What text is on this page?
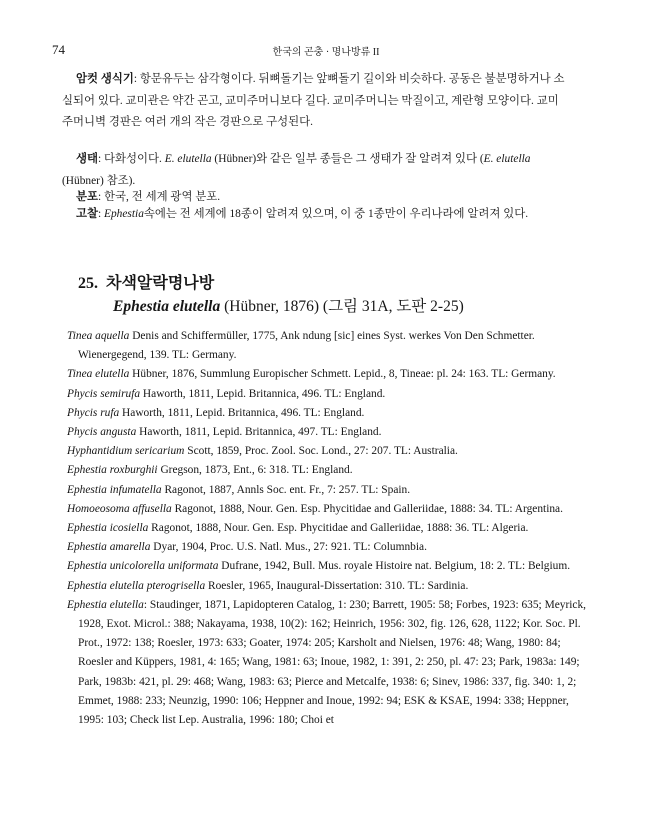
74	한국의 곤충 · 명나방류 II
암컷 생식기: 항문유두는 삼각형이다. 뒤뼈돌기는 앞뼈돌기 길이와 비슷하다. 공동은 불분명하거나 소
실되어 있다. 교미관은 약간 곤고, 교미주머니보다 길다. 교미주머니는 막질이고, 계란형 모양이다. 교미
주머니벽 경판은 여러 개의 작은 경판으로 구성된다.
생태: 다화성이다. E. elutella (Hübner)와 같은 일부 종들은 그 생태가 잘 알려져 있다 (E. elutella
(Hübner) 참조).
분포: 한국, 전 세계 광역 분포.
고찰: Ephestia속에는 전 세계에 18종이 알려져 있으며, 이 중 1종만이 우리나라에 알려져 있다.
25. 차색알락명나방
Ephestia elutella (Hübner, 1876) (그림 31A, 도판 2-25)
Tinea aquella Denis and Schiffermüller, 1775, Ank ndung [sic] eines Syst. werkes Von Den Schmetter. Wienergegend, 139. TL: Germany.
Tinea elutella Hübner, 1876, Summlung Europischer Schmett. Lepid., 8, Tineae: pl. 24: 163. TL: Germany.
Phycis semirufa Haworth, 1811, Lepid. Britannica, 496. TL: England.
Phycis rufa Haworth, 1811, Lepid. Britannica, 496. TL: England.
Phycis angusta Haworth, 1811, Lepid. Britannica, 497. TL: England.
Hyphantidium sericarium Scott, 1859, Proc. Zool. Soc. Lond., 27: 207. TL: Australia.
Ephestia roxburghii Gregson, 1873, Ent., 6: 318. TL: England.
Ephestia infumatella Ragonot, 1887, Annls Soc. ent. Fr., 7: 257. TL: Spain.
Homoeosoma affusella Ragonot, 1888, Nour. Gen. Esp. Phycitidae and Galleriidae, 1888: 34. TL: Argentina.
Ephestia icosiella Ragonot, 1888, Nour. Gen. Esp. Phycitidae and Galleriidae, 1888: 36. TL: Algeria.
Ephestia amarella Dyar, 1904, Proc. U.S. Natl. Mus., 27: 921. TL: Columnbia.
Ephestia unicolorella uniformata Dufrane, 1942, Bull. Mus. royale Histoire nat. Belgium, 18: 2. TL: Belgium.
Ephestia elutella pterogrisella Roesler, 1965, Inaugural-Dissertation: 310. TL: Sardinia.
Ephestia elutella: Staudinger, 1871, Lapidopteren Catalog, 1: 230; Barrett, 1905: 58; Forbes, 1923: 635; Meyrick, 1928, Exot. Microl.: 388; Nakayama, 1938, 10(2): 162; Heinrich, 1956: 302, fig. 126, 628, 1122; Kor. Soc. Pl. Prot., 1972: 138; Roesler, 1973: 633; Goater, 1974: 205; Karsholt and Nielsen, 1976: 48; Wang, 1980: 84; Roesler and Küppers, 1981, 4: 165; Wang, 1981: 63; Inoue, 1982, 1: 391, 2: 250, pl. 47: 23; Park, 1983a: 149; Park, 1983b: 421, pl. 29: 468; Wang, 1983: 63; Pierce and Metcalfe, 1938: 6; Sinev, 1986: 337, fig. 340: 1, 2; Emmet, 1988: 233; Neunzig, 1990: 106; Heppner and Inoue, 1992: 94; ESK & KSAE, 1994: 338; Heppner, 1995: 103; Check list Lep. Australia, 1996: 180; Choi et
